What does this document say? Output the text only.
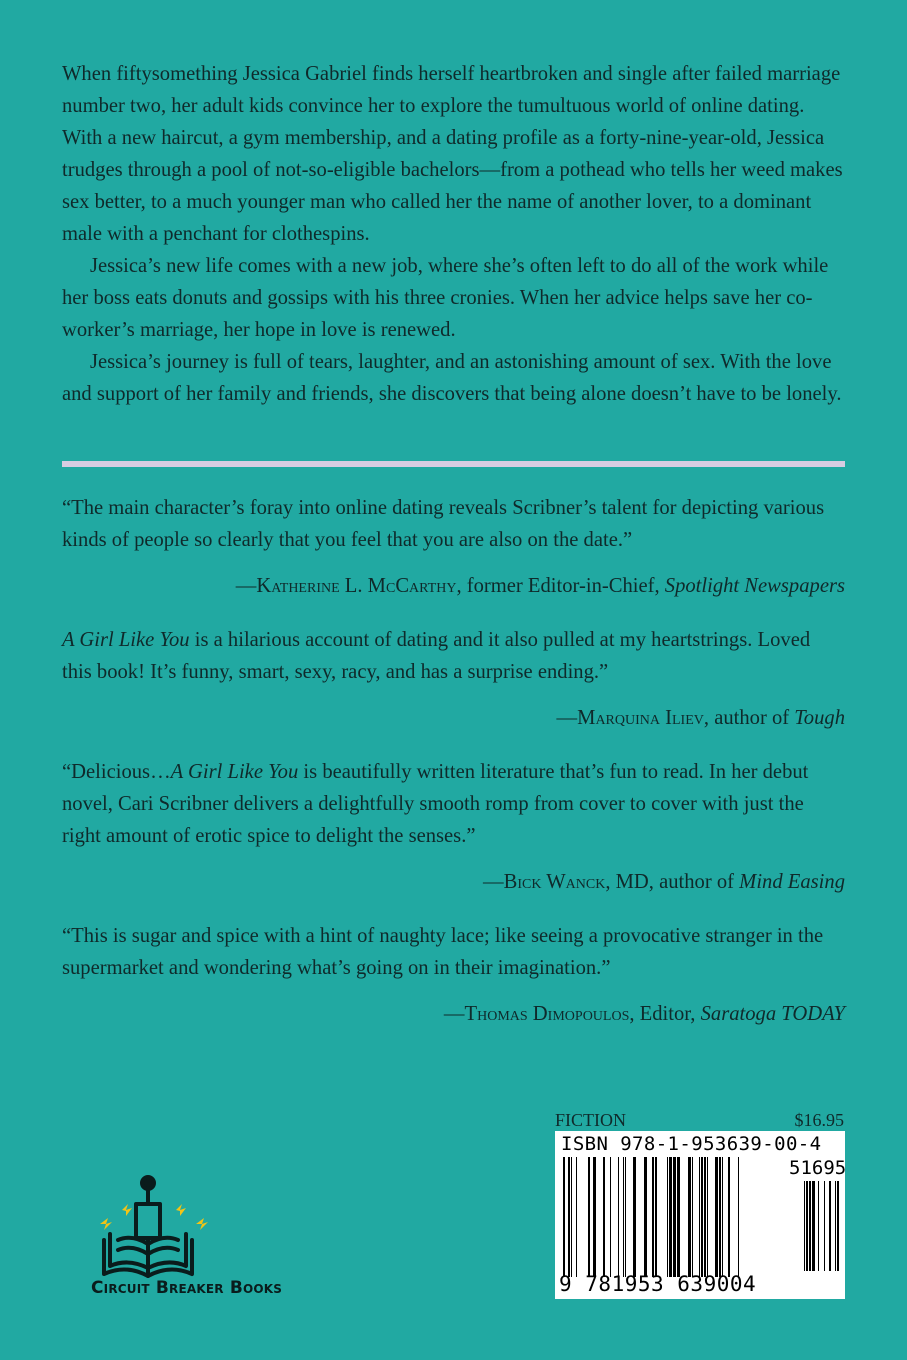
When fiftysomething Jessica Gabriel finds herself heartbroken and single after failed marriage number two, her adult kids convince her to explore the tumultuous world of online dating. With a new haircut, a gym membership, and a dating profile as a forty-nine-year-old, Jessica trudges through a pool of not-so-eligible bachelors—from a pothead who tells her weed makes sex better, to a much younger man who called her the name of another lover, to a dominant male with a penchant for clothespins.

Jessica’s new life comes with a new job, where she’s often left to do all of the work while her boss eats donuts and gossips with his three cronies. When her advice helps save her co-worker’s marriage, her hope in love is renewed.

Jessica’s journey is full of tears, laughter, and an astonishing amount of sex. With the love and support of her family and friends, she discovers that being alone doesn’t have to be lonely.

“The main character’s foray into online dating reveals Scribner’s talent for depicting various kinds of people so clearly that you feel that you are also on the date.”

—Katherine L. McCarthy, former Editor-in-Chief, Spotlight Newspapers

A Girl Like You is a hilarious account of dating and it also pulled at my heartstrings. Loved this book! It’s funny, smart, sexy, racy, and has a surprise ending.”

—Marquina Iliev, author of Tough

“Delicious…A Girl Like You is beautifully written literature that’s fun to read. In her debut novel, Cari Scribner delivers a delightfully smooth romp from cover to cover with just the right amount of erotic spice to delight the senses.”

—Bick Wanck, MD, author of Mind Easing

“This is sugar and spice with a hint of naughty lace; like seeing a provocative stranger in the supermarket and wondering what’s going on in their imagination.”

—Thomas Dimopoulos, Editor, Saratoga TODAY

Circuit Breaker Books
FICTION	$16.95
ISBN 978-1-953639-00-4
51695
9 781953 639004
